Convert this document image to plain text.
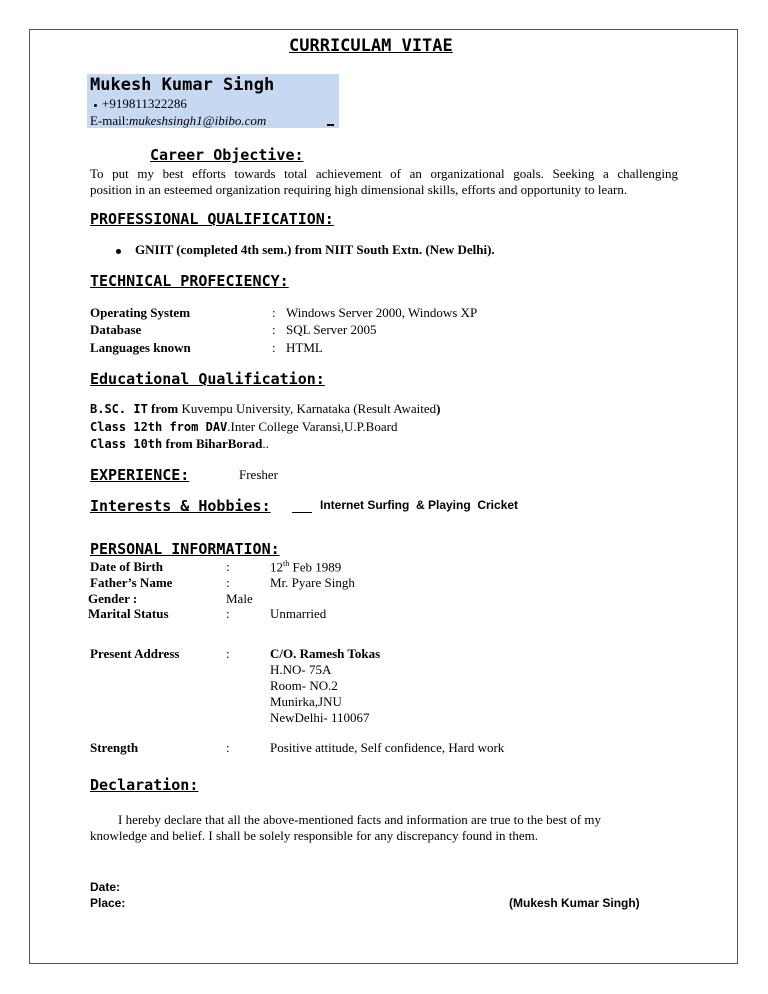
CURRICULAM VITAE
Mukesh Kumar Singh
+919811322286
E-mail:mukeshsingh1@ibibo.com
Career Objective:
To put my best efforts towards total achievement of an organizational goals. Seeking a challenging
position in an esteemed organization requiring high dimensional skills, efforts and opportunity to learn.
PROFESSIONAL QUALIFICATION:
GNIIT (completed 4th sem.) from NIIT South Extn. (New Delhi).
TECHNICAL PROFECIENCY:
Operating System	: Windows Server 2000, Windows XP
Database	: SQL Server 2005
Languages known	: HTML
Educational Qualification:
B.SC. IT from Kuvempu University, Karnataka (Result Awaited)
Class 12th from DAV.Inter College Varansi,U.P.Board
Class 10th from BiharBorad..
EXPERIENCE:	Fresher
Interests & Hobbies:	Internet Surfing  & Playing  Cricket
PERSONAL INFORMATION:
Date of Birth	:	12th Feb 1989
Father’s Name	:	Mr. Pyare Singh
Gender :	Male
Marital Status	:	Unmarried
Present Address	:	C/O. Ramesh Tokas
H.NO- 75A
Room- NO.2
Munirka,JNU
NewDelhi- 110067
Strength	:	Positive attitude, Self confidence, Hard work
Declaration:
I hereby declare that all the above-mentioned facts and information are true to the best of my
knowledge and belief. I shall be solely responsible for any discrepancy found in them.
Date:
Place:	(Mukesh Kumar Singh)
